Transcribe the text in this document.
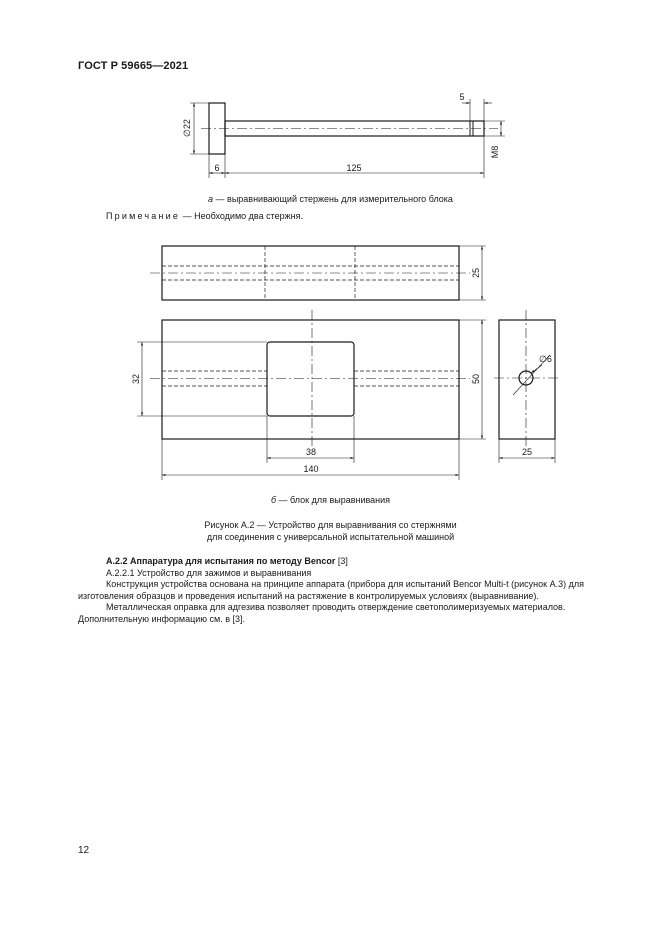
ГОСТ Р 59665—2021
∅22
6	125
5
M8
25
50
32
38
140
25
∅6
а — выравнивающий стержень для измерительного блока
Примечание — Необходимо два стержня.
б — блок для выравнивания
Рисунок А.2 — Устройство для выравнивания со стержнями
для соединения с универсальной испытательной машиной

А.2.2 Аппаратура для испытания по методу Bencor [3]

А.2.2.1 Устройство для зажимов и выравнивания

Конструкция устройства основана на принципе аппарата (прибора для испытаний Bencor Multi-t (рисунок А.3) для изготовления образцов и проведения испытаний на растяжение в контролируемых условиях (выравнивание).

Металлическая оправка для адгезива позволяет проводить отверждение светополимеризуемых материалов. Дополнительную информацию см. в [3].

12
